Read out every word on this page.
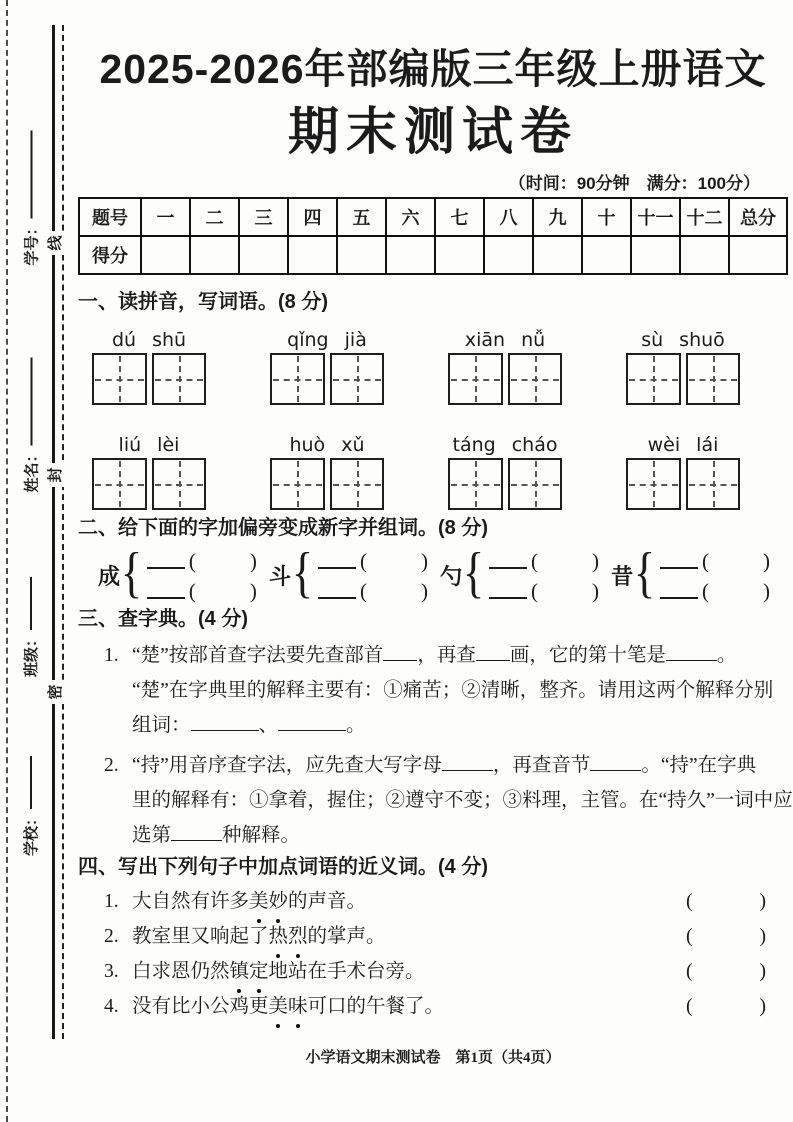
学号：
姓名：
班级：
学校：
线
封
密
2025-2026年部编版三年级上册语文
期末测试卷
（时间：90分钟　满分：100分）
题号	一	二	三	四	五	六	七	八	九	十	十一	十二	总分
得分													
一、读拼音，写词语。(8 分)
dú shū	qǐng jià	xiān nǚ	sù shuō
liú lèi	huò xǔ	táng cháo	wèi lái
二、给下面的字加偏旁变成新字并组词。(8 分)
成 { (	)
(	)
斗 { (	)
(	)
勺 { (	)
(	)
昔 { (	)
(	)
三、查字典。(4 分)
1. “楚”按部首查字法要先查部首 ，再查 画，它的第十笔是	。
“楚”在字典里的解释主要有：①痛苦；②清晰，整齐。请用这两个解释分别
组词：	、	。
2. “持”用音序查字法，应先查大写字母	，再查音节	。“持”在字典
里的解释有：①拿着，握住；②遵守不变；③料理，主管。在“持久”一词中应
选第	种解释。
四、写出下列句子中加点词语的近义词。(4 分)
1. 大自然有许多美妙的声音。	(	)
2. 教室里又响起了热烈的掌声。	(	)
3. 白求恩仍然镇定地站在手术台旁。	(	)
4. 没有比小公鸡更美味可口的午餐了。	(	)
小学语文期末测试卷　第1页（共4页）
